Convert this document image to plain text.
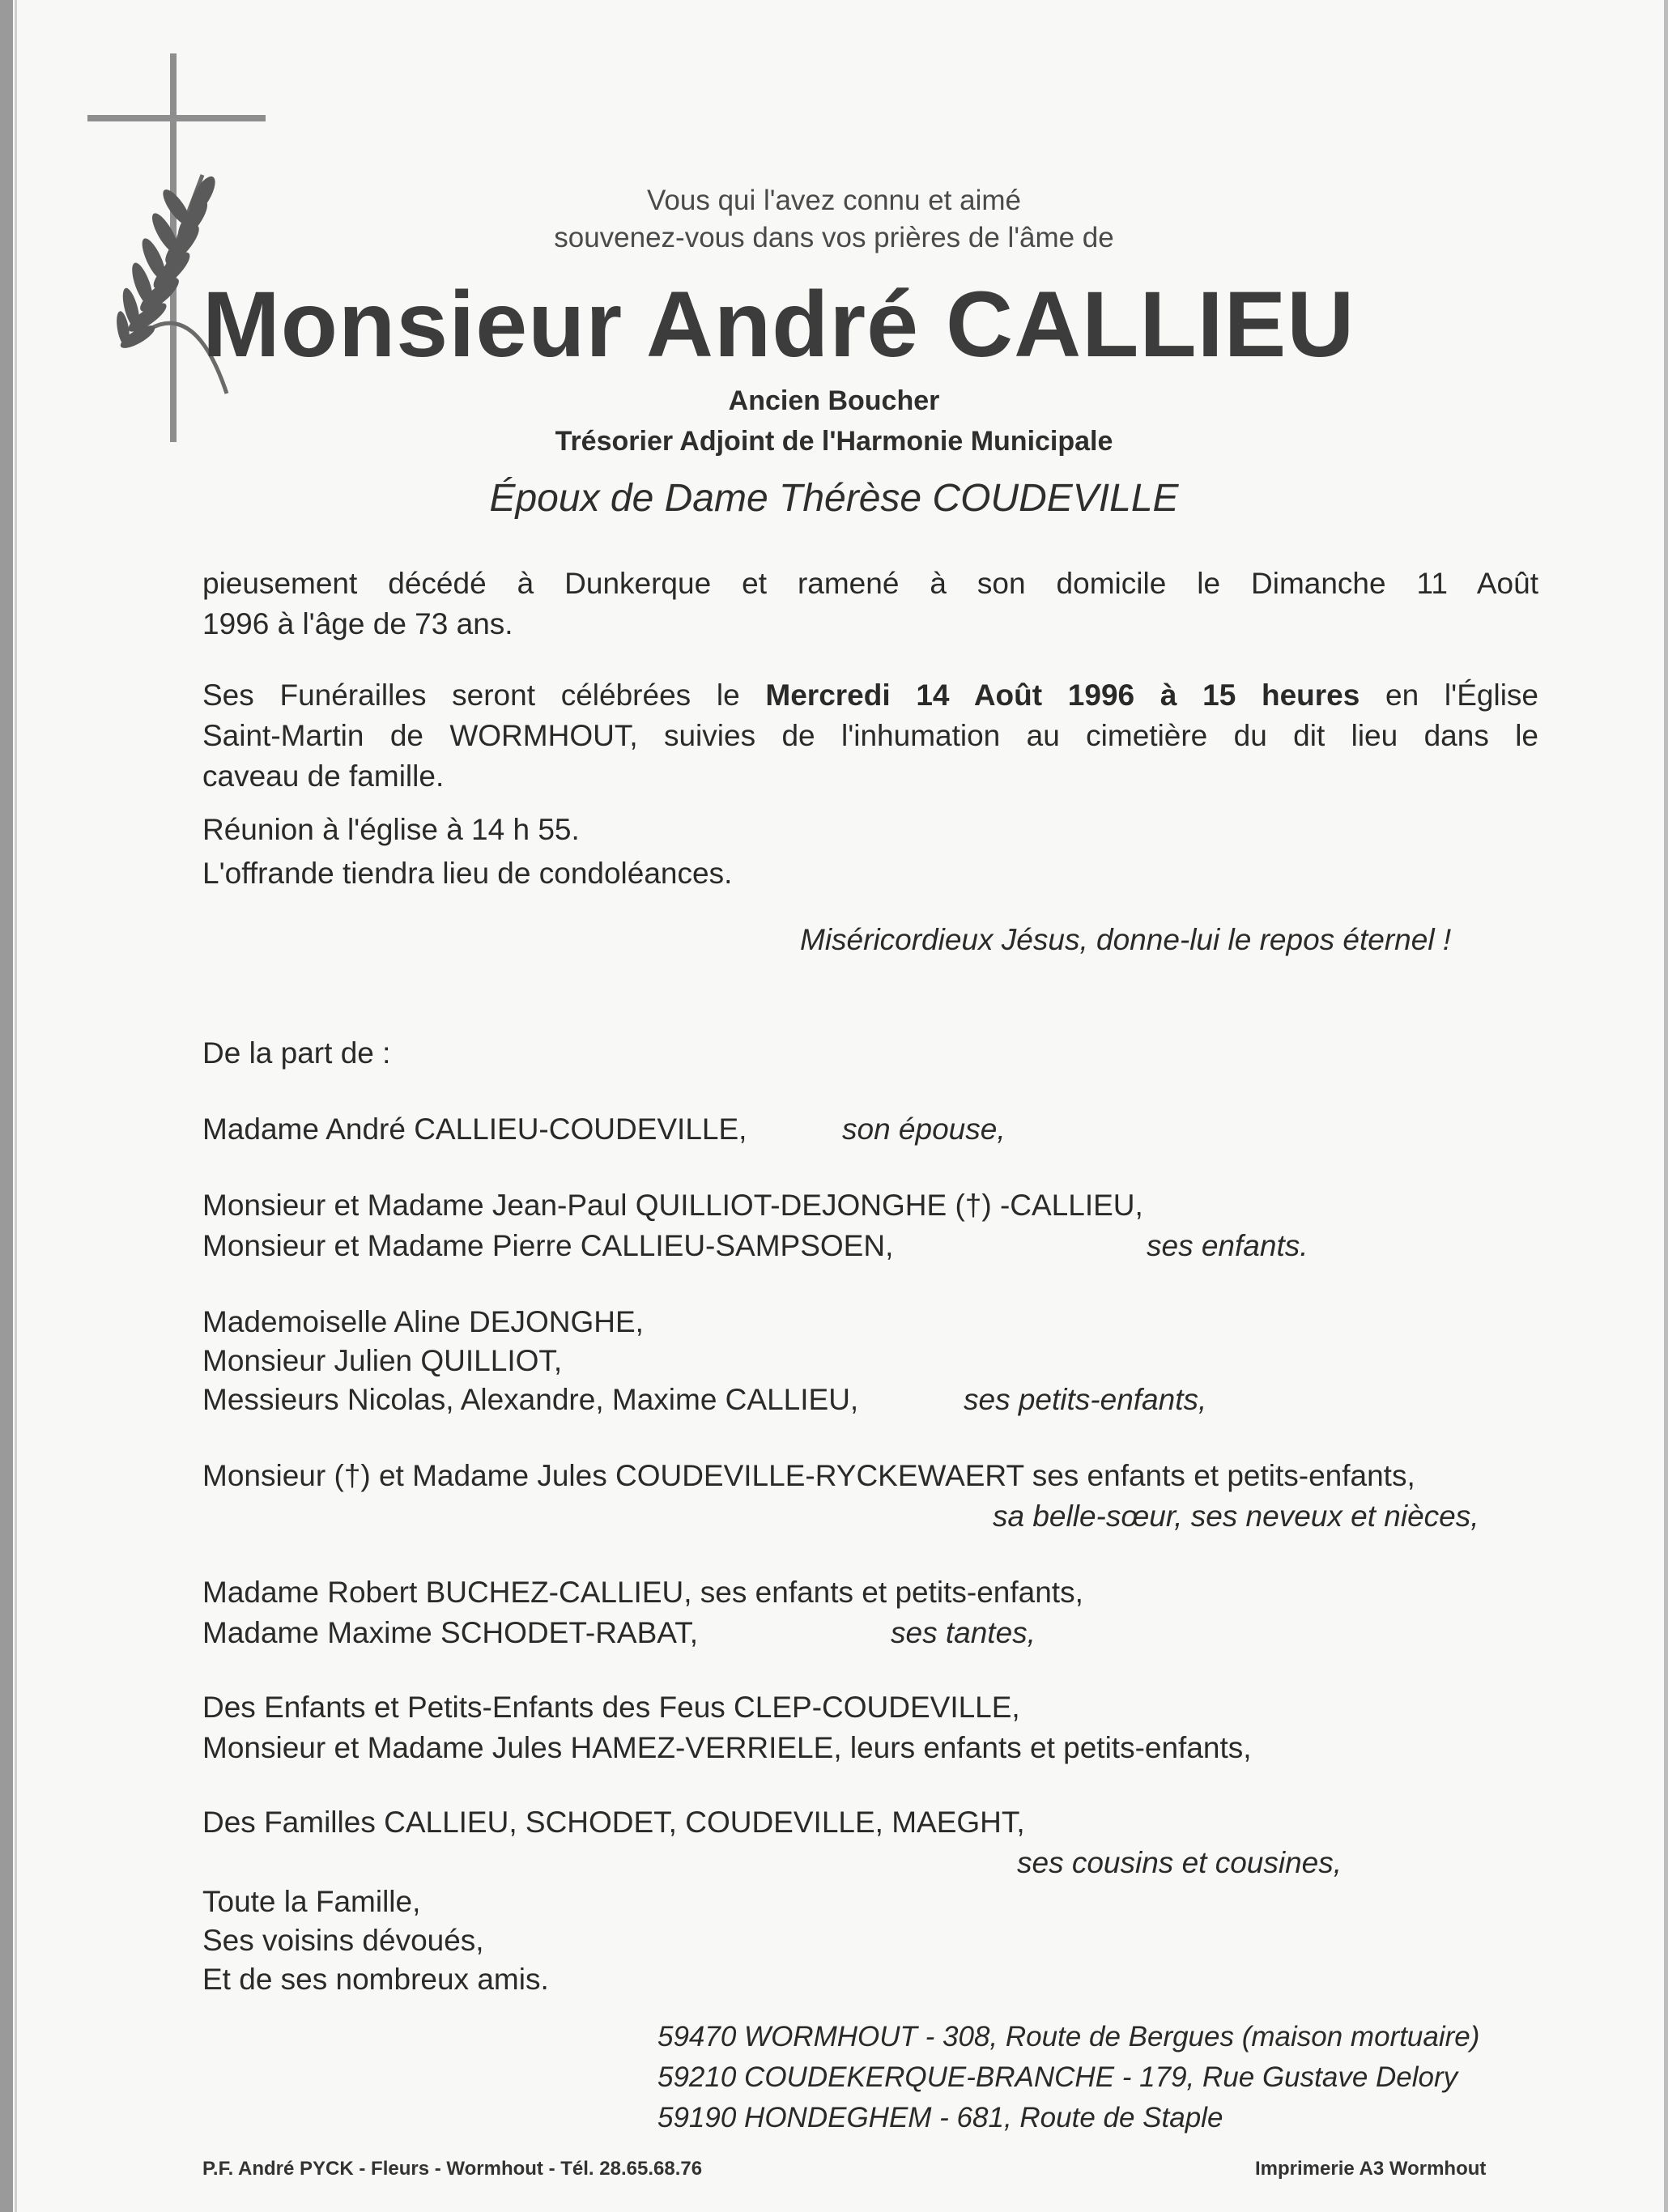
Vous qui l'avez connu et aimé
souvenez-vous dans vos prières de l'âme de
Monsieur André CALLIEU
Ancien Boucher
Trésorier Adjoint de l'Harmonie Municipale
Époux de Dame Thérèse COUDEVILLE
pieusement décédé à Dunkerque et ramené à son domicile le Dimanche 11 Août
1996 à l'âge de 73 ans.
Ses Funérailles seront célébrées le Mercredi 14 Août 1996 à 15 heures en l'Église
Saint-Martin de WORMHOUT, suivies de l'inhumation au cimetière du dit lieu dans le
caveau de famille.
Réunion à l'église à 14 h 55.
L'offrande tiendra lieu de condoléances.
Miséricordieux Jésus, donne-lui le repos éternel !
De la part de :
Madame André CALLIEU-COUDEVILLE,	son épouse,
Monsieur et Madame Jean-Paul QUILLIOT-DEJONGHE (†) -CALLIEU,
Monsieur et Madame Pierre CALLIEU-SAMPSOEN,	ses enfants.
Mademoiselle Aline DEJONGHE,
Monsieur Julien QUILLIOT,
Messieurs Nicolas, Alexandre, Maxime CALLIEU,	ses petits-enfants,
Monsieur (†) et Madame Jules COUDEVILLE-RYCKEWAERT ses enfants et petits-enfants,
sa belle-sœur, ses neveux et nièces,
Madame Robert BUCHEZ-CALLIEU, ses enfants et petits-enfants,
Madame Maxime SCHODET-RABAT,	ses tantes,
Des Enfants et Petits-Enfants des Feus CLEP-COUDEVILLE,
Monsieur et Madame Jules HAMEZ-VERRIELE, leurs enfants et petits-enfants,
Des Familles CALLIEU, SCHODET, COUDEVILLE, MAEGHT,
ses cousins et cousines,
Toute la Famille,
Ses voisins dévoués,
Et de ses nombreux amis.
59470 WORMHOUT - 308, Route de Bergues (maison mortuaire)
59210 COUDEKERQUE-BRANCHE - 179, Rue Gustave Delory
59190 HONDEGHEM - 681, Route de Staple
P.F. André PYCK - Fleurs - Wormhout - Tél. 28.65.68.76	Imprimerie A3 Wormhout
